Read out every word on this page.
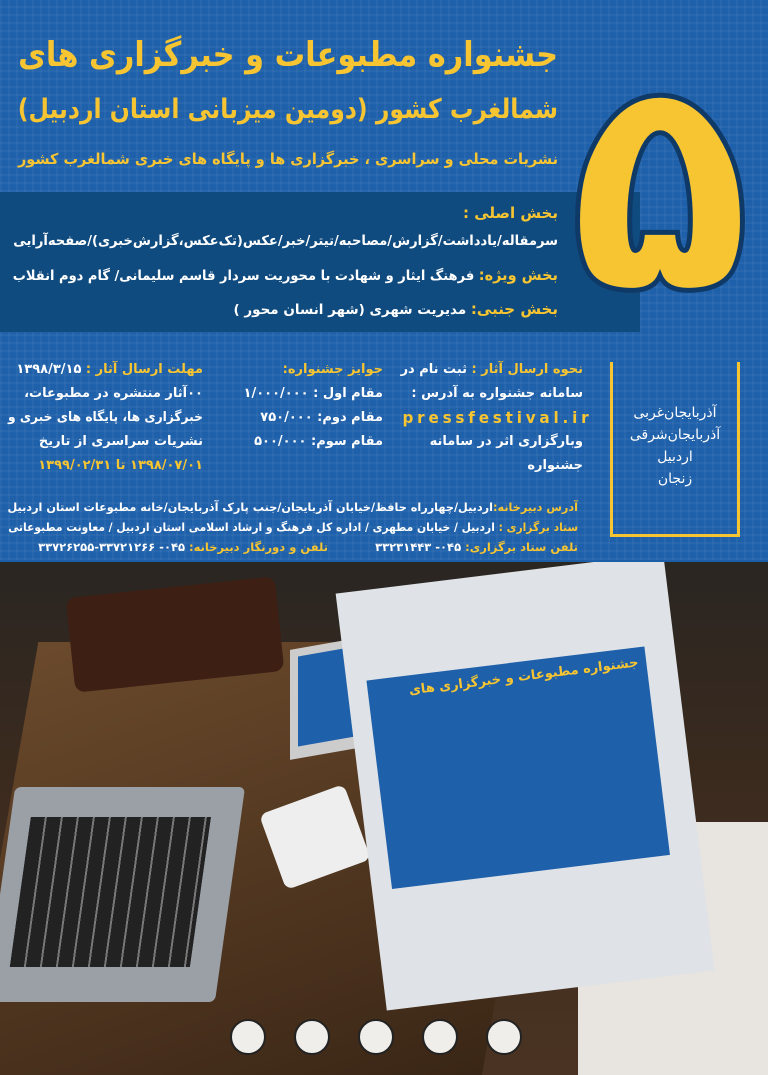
۵
جشنواره مطبوعات و خبرگزاری های
شمالغرب کشور (دومین میزبانی استان اردبیل)
نشریات محلی و سراسری ، خبرگزاری ها و پایگاه های خبری شمالغرب کشور
بخش اصلی :
سرمقاله/یادداشت/گزارش/مصاحبه/تیتر/خبر/عکس(تک‌عکس،گزارش‌خبری)/صفحه‌آرایی
بخش ویژه: فرهنگ ایثار و شهادت با محوریت سردار قاسم سلیمانی/ گام دوم انقلاب
بخش جنبی: مدیریت شهری (شهر انسان محور )
نحوه ارسال آثار : ثبت نام در
سامانه جشنواره به آدرس :
pressfestival.ir
وبارگزاری اثر در سامانه
جشنواره
جوایز جشنواره:
مقام اول : ۱/۰۰۰/۰۰۰
مقام دوم: ۷۵۰/۰۰۰
مقام سوم: ۵۰۰/۰۰۰
مهلت ارسال آثار : ۱۳۹۸/۳/۱۵
۰۰آثار منتشره در مطبوعات،
خبرگزاری ها، پایگاه های خبری و
نشریات سراسری از تاریخ
۱۳۹۸/۰۷/۰۱ تا ۱۳۹۹/۰۲/۳۱
آذربایجان‌غربی
آذربایجان‌شرقی
اردبیل
زنجان
آدرس دبیرخانه:اردبیل/چهارراه حافظ/خیابان آذربایجان/جنب پارک آذربایجان/خانه مطبوعات استان اردبیل
ستاد برگزاری : اردبیل / خیابان مطهری / اداره کل فرهنگ و ارشاد اسلامی استان اردبیل / معاونت مطبوعاتی
تلفن ستاد برگزاری: ۰۴۵- ۳۳۲۳۱۴۴۳
تلفن و دورنگار دبیرخانه: ۰۴۵- ۳۳۷۲۱۲۶۶-۳۳۷۲۶۲۵۵
جشنواره مطبوعات و خبرگزاری های
